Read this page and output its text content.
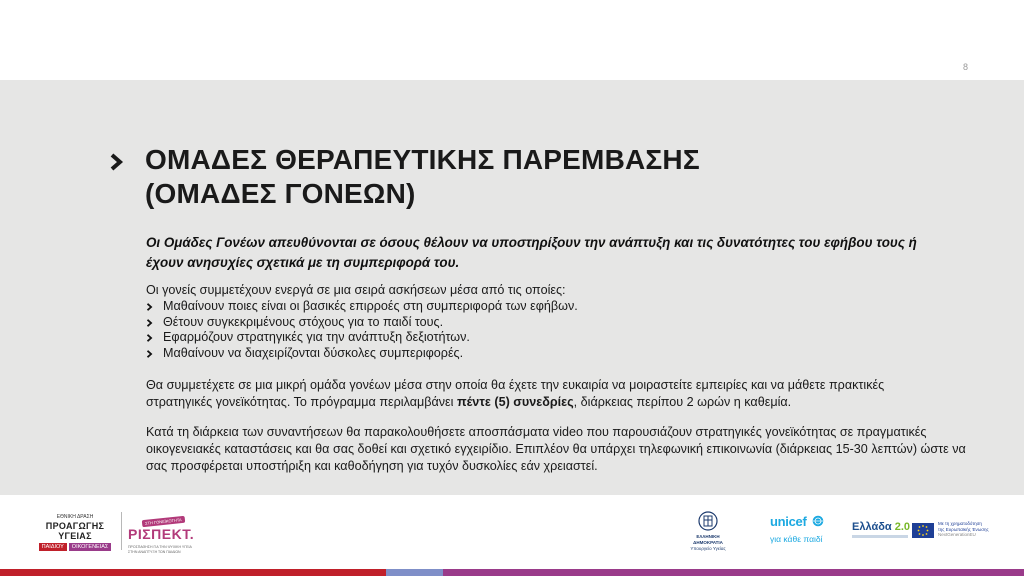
8
ΟΜΑΔΕΣ ΘΕΡΑΠΕΥΤΙΚΗΣ ΠΑΡΕΜΒΑΣΗΣ
(ΟΜΑΔΕΣ ΓΟΝΕΩΝ)
Οι Ομάδες Γονέων απευθύνονται σε όσους θέλουν να υποστηρίξουν την ανάπτυξη και τις δυνατότητες του εφήβου τους ή έχουν ανησυχίες σχετικά με τη συμπεριφορά του.
Οι γονείς συμμετέχουν ενεργά σε μια σειρά ασκήσεων μέσα από τις οποίες:
Μαθαίνουν ποιες είναι οι βασικές επιρροές στη συμπεριφορά των εφήβων.
Θέτουν συγκεκριμένους στόχους για το παιδί τους.
Εφαρμόζουν στρατηγικές για την ανάπτυξη δεξιοτήτων.
Μαθαίνουν να διαχειρίζονται δύσκολες συμπεριφορές.
Θα συμμετέχετε σε μια μικρή ομάδα γονέων μέσα στην οποία θα έχετε την ευκαιρία να μοιραστείτε εμπειρίες και να μάθετε πρακτικές στρατηγικές γονεϊκότητας. Το πρόγραμμα περιλαμβάνει πέντε (5) συνεδρίες, διάρκειας περίπου 2 ωρών η καθεμία.
Κατά τη διάρκεια των συναντήσεων θα παρακολουθήσετε αποσπάσματα video που παρουσιάζουν στρατηγικές γονεϊκότητας σε πραγματικές οικογενειακές καταστάσεις και θα σας δοθεί και σχετικό εγχειρίδιο. Επιπλέον θα υπάρχει τηλεφωνική επικοινωνία (διάρκειας 15-30 λεπτών) ώστε να σας προσφέρεται υποστήριξη και καθοδήγηση για τυχόν δυσκολίες εάν χρειαστεί.
ΕΘΝΙΚΗ ΔΡΑΣΗ
ΠΡΟΑΓΩΓΗΣ ΥΓΕΙΑΣ
ΠΑΙΔΙΟΥ	ΟΙΚΟΓΕΝΕΙΑΣ
ΣΤΗ ΓΟΝΕΪΚΟΤΗΤΑ
ΡΙΣΠΕΚΤ.
ΠΡΟΣΠΑΘΗΣΗ ΓΙΑ ΤΗΝ ΨΥΧΙΚΗ ΥΓΕΙΑ ΣΤΗΝ ΑΝΑΠΤΥΞΗ ΤΩΝ ΠΑΙΔΙΩΝ
ΕΛΛΗΝΙΚΗ ΔΗΜΟΚΡΑΤΙΑ
Υπουργείο Υγείας
unicef
για κάθε παιδί
Ελλάδα 2.0	Με τη χρηματοδότηση
της Ευρωπαϊκής Ένωσης
NextGenerationEU
